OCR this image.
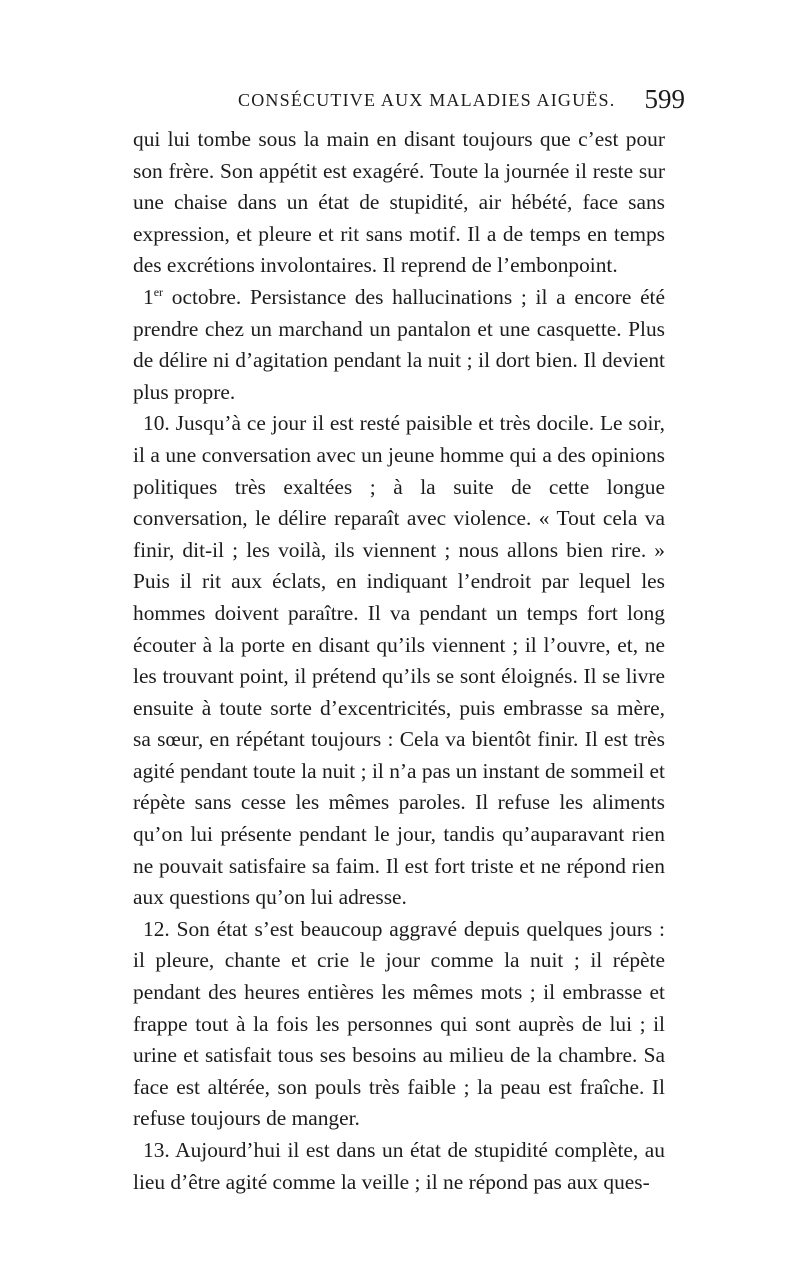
CONSÉCUTIVE AUX MALADIES AIGUËS. 599

qui lui tombe sous la main en disant toujours que c’est pour son frère. Son appétit est exagéré. Toute la journée il reste sur une chaise dans un état de stupidité, air hébété, face sans expression, et pleure et rit sans motif. Il a de temps en temps des excrétions involontaires. Il reprend de l’embonpoint.

1er octobre. Persistance des hallucinations ; il a encore été prendre chez un marchand un pantalon et une casquette. Plus de délire ni d’agitation pendant la nuit ; il dort bien. Il devient plus propre.

10. Jusqu’à ce jour il est resté paisible et très docile. Le soir, il a une conversation avec un jeune homme qui a des opinions politiques très exaltées ; à la suite de cette longue conversation, le délire reparaît avec violence. « Tout cela va finir, dit-il ; les voilà, ils viennent ; nous allons bien rire. » Puis il rit aux éclats, en indiquant l’endroit par lequel les hommes doivent paraître. Il va pendant un temps fort long écouter à la porte en disant qu’ils viennent ; il l’ouvre, et, ne les trouvant point, il prétend qu’ils se sont éloignés. Il se livre ensuite à toute sorte d’excentricités, puis embrasse sa mère, sa sœur, en répétant toujours : Cela va bientôt finir. Il est très agité pendant toute la nuit ; il n’a pas un instant de sommeil et répète sans cesse les mêmes paroles. Il refuse les aliments qu’on lui présente pendant le jour, tandis qu’auparavant rien ne pouvait satisfaire sa faim. Il est fort triste et ne répond rien aux questions qu’on lui adresse.

12. Son état s’est beaucoup aggravé depuis quelques jours : il pleure, chante et crie le jour comme la nuit ; il répète pendant des heures entières les mêmes mots ; il embrasse et frappe tout à la fois les personnes qui sont auprès de lui ; il urine et satisfait tous ses besoins au milieu de la chambre. Sa face est altérée, son pouls très faible ; la peau est fraîche. Il refuse toujours de manger.

13. Aujourd’hui il est dans un état de stupidité complète, au lieu d’être agité comme la veille ; il ne répond pas aux ques-
